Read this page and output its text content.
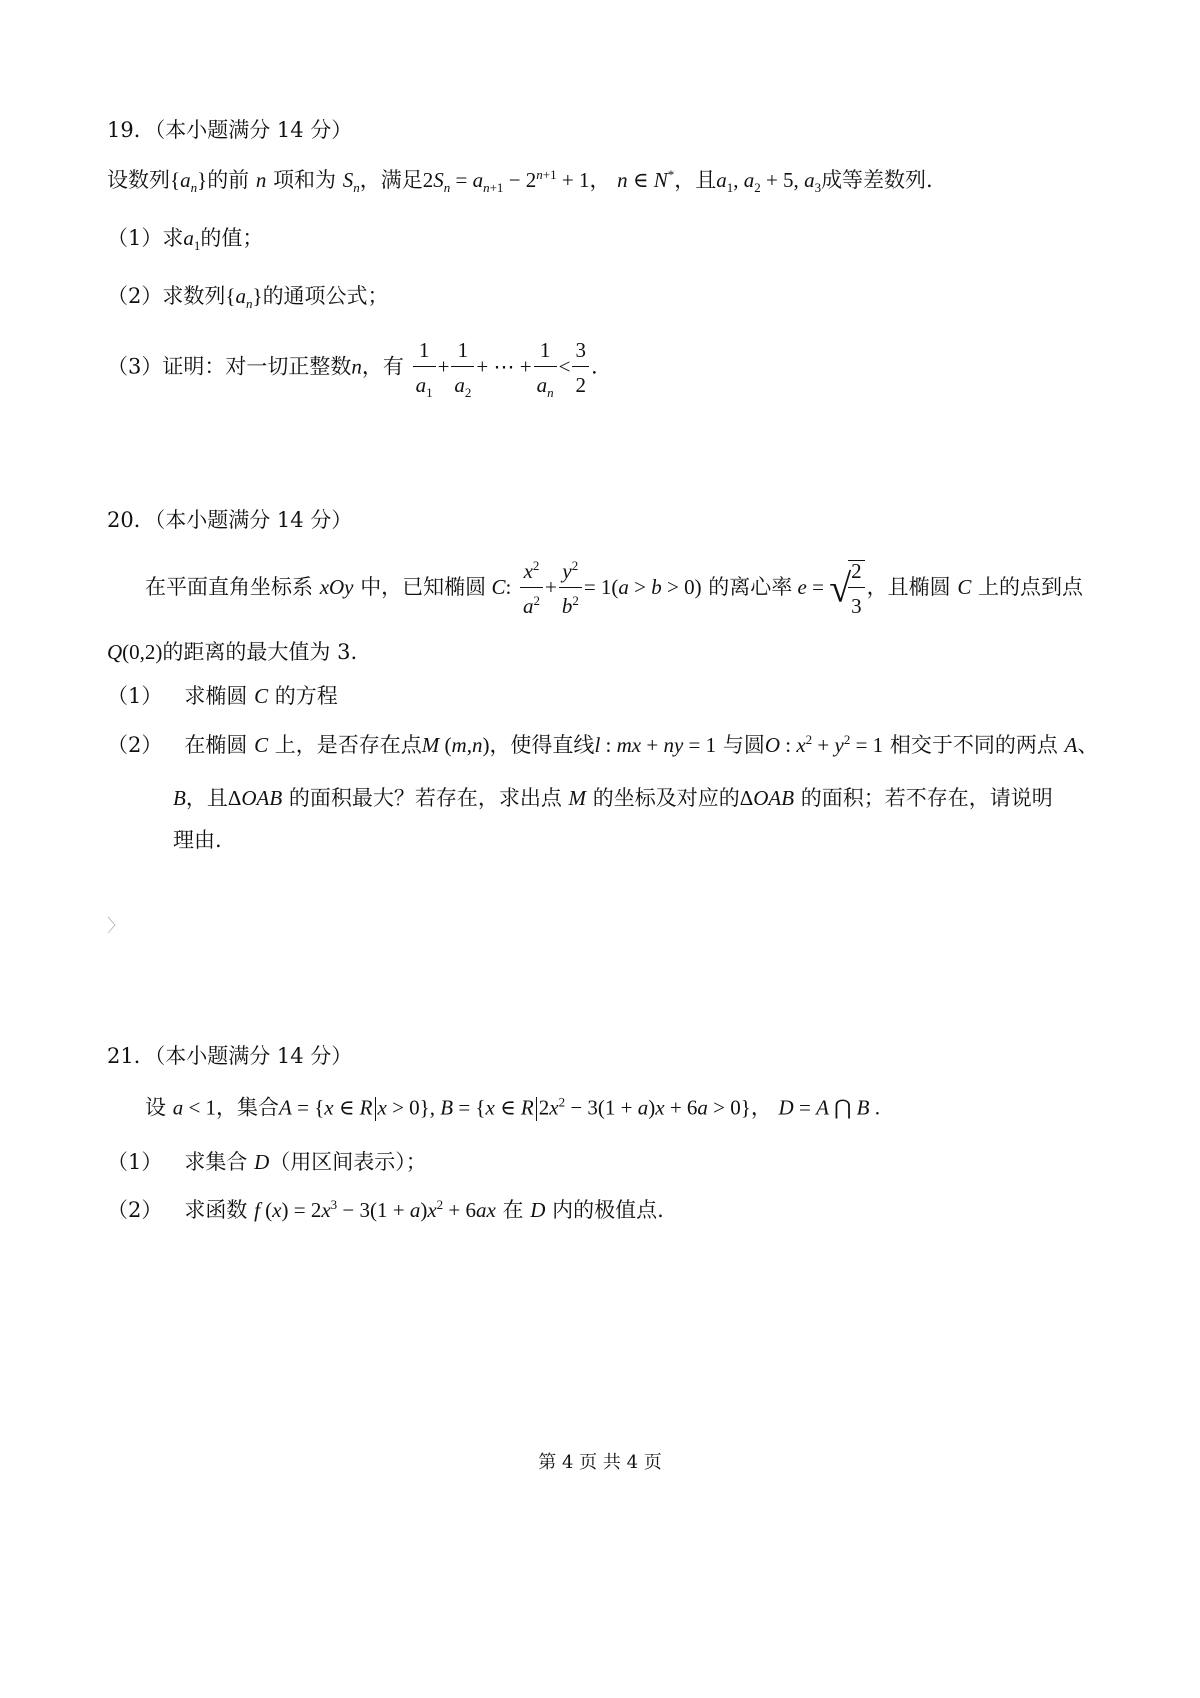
19．（本小题满分 14 分）
设数列$\{a_n\}$的前 n 项和为 $S_n$，满足$2S_n = a_{n+1} - 2^{n+1} + 1$， n ∈ N*，且$a_1$, $a_2 + 5$, $a_3$成等差数列.
（1）求$a_1$的值；
（2）求数列$\{a_n\}$的通项公式；
（3）证明：对一切正整数n，有 $\frac{1}{a_1} + \frac{1}{a_2}$ + ⋯ + $\frac{1}{a_n} < \frac{3}{2}$ .
20．（本小题满分 14 分）
在平面直角坐标系 xOy 中，已知椭圆 C: $\frac{x^2}{a^2} + \frac{y^2}{b^2} = 1(a > b > 0)$ 的离心率 e = √
$\frac{2}{3}$ ，且椭圆 C 上的点到点
Q(0,2)的距离的最大值为 3.
（1） 求椭圆 C 的方程
（2） 在椭圆 C 上，是否存在点M (m,n)，使得直线l : mx + ny = 1 与圆O : $x^2 + y^2 = 1$ 相交于不同的两点 A、
B，且ΔOAB 的面积最大？若存在，求出点 M 的坐标及对应的ΔOAB 的面积；若不存在，请说明
理由.
〉
21．（本小题满分 14 分）
设 a < 1，集合A = {x ∈ R x > 0}, B = {x ∈ R $2x^2 - 3(1 + a)x + 6a > 0$}， D = A ⋂ B .
（1） 求集合 D（用区间表示）；
（2） 求函数 f $(x) = 2x^3 - 3(1 + a)x^2 + 6ax$ 在 D 内的极值点.
第 4 页 共 4 页
